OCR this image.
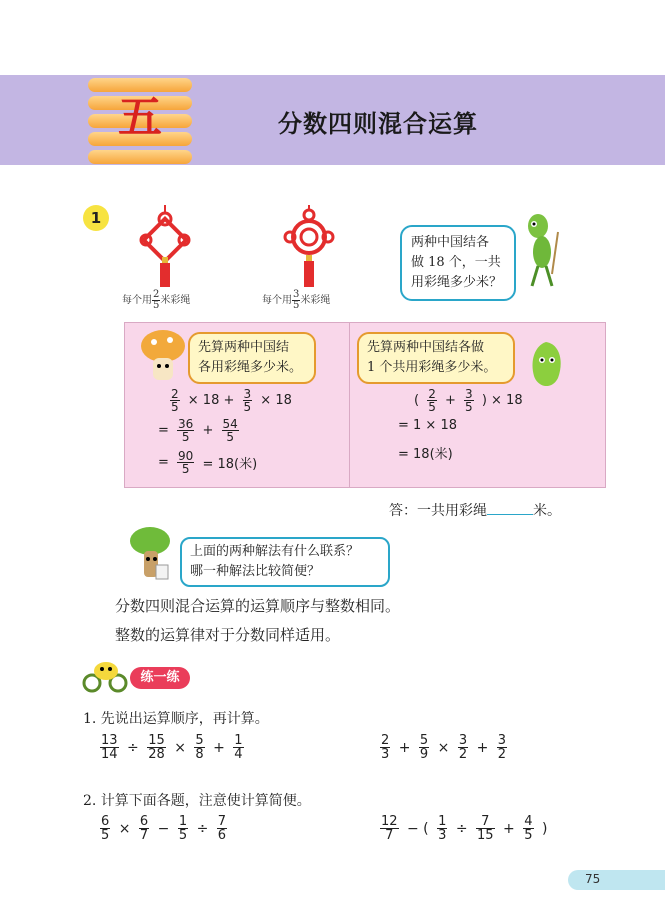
五	分数四则混合运算
1
每个用 $\frac{2}{5}$ 米彩绳	每个用 $\frac{3}{5}$ 米彩绳
两种中国结各
做 18 个，一共
用彩绳多少米？
先算两种中国结
各用彩绳多少米。
$\frac{2}{5} \times 18 + \frac{3}{5} \times 18$
= $\frac{36}{5} + \frac{54}{5}$
= $\frac{90}{5} = 18$(米)
先算两种中国结各做
1 个共用彩绳多少米。
( $\frac{2}{5} + \frac{3}{5}$ ) × 18
= 1 × 18
= 18(米)
答：一共用彩绳	米。
上面的两种解法有什么联系？
哪一种解法比较简便？
分数四则混合运算的运算顺序与整数相同。
整数的运算律对于分数同样适用。
练一练
1. 先说出运算顺序，再计算。
$\frac{13}{14} \div \frac{15}{28} \times \frac{5}{8} + \frac{1}{4}$	$\frac{2}{3} + \frac{5}{9} \times \frac{3}{2} + \frac{3}{2}$
2. 计算下面各题，注意使计算简便。
$\frac{6}{5} \times \frac{6}{7} - \frac{1}{5} \div \frac{7}{6}$	$\frac{12}{7}$ − ( $\frac{1}{3} \div \frac{7}{15} + \frac{4}{5}$ )
75
